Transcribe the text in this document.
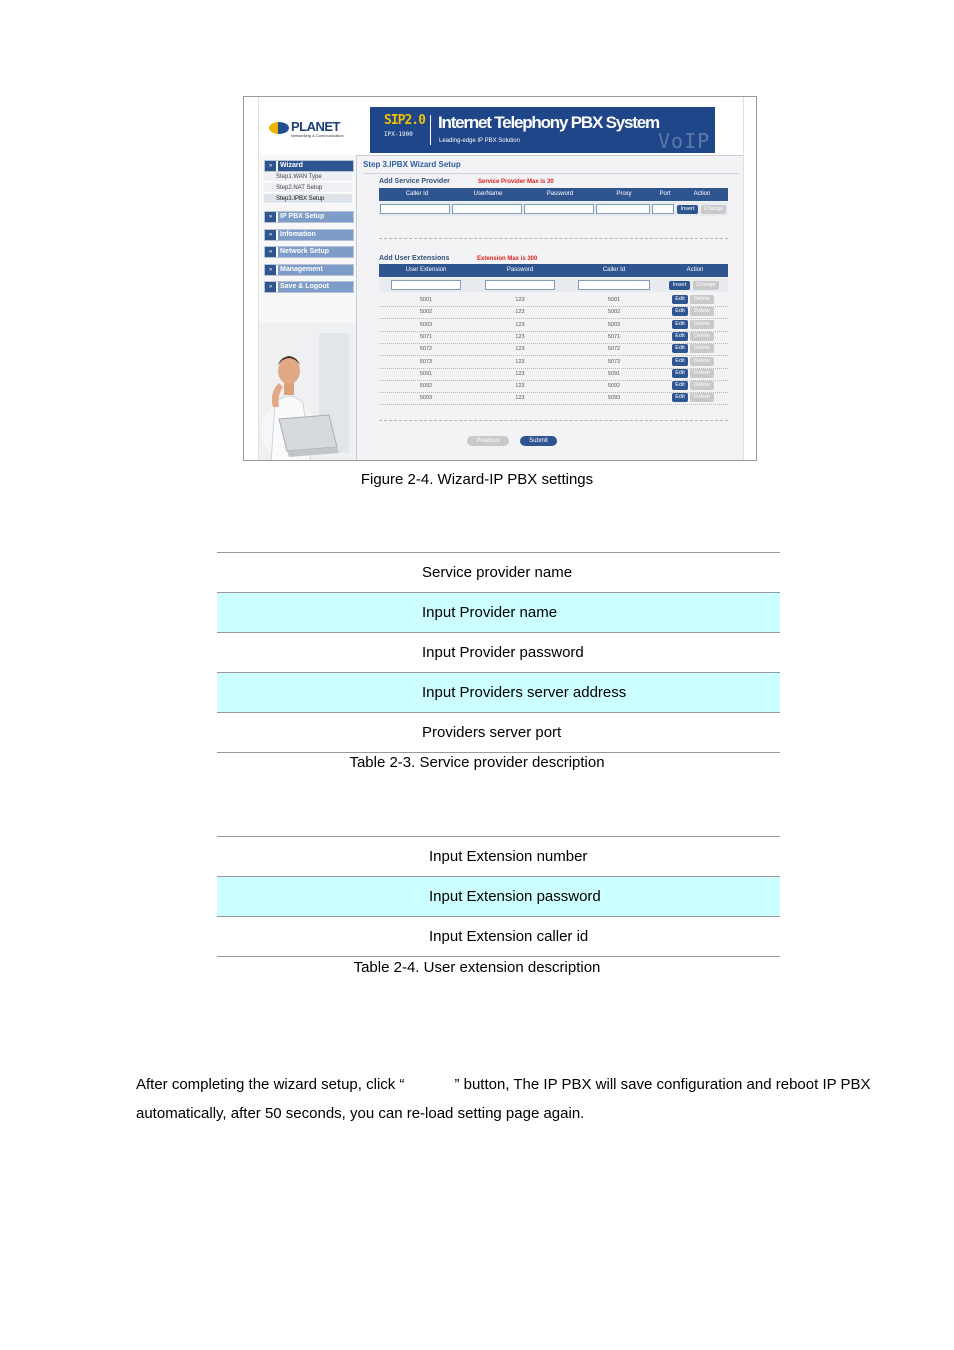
PLANET
Networking & Communication
SIP2.0
IPX-1900
Internet Telephony PBX System
Leading-edge IP PBX Solution	VoIP
»	Wizard
Step1.WAN Type
Step2.NAT Setup
Step3.IPBX Setup
»	IP PBX Setup
»	Infomation
»	Network Setup
»	Management
»	Save & Logout
Step 3.IPBX Wizard Setup
Add Service Provider	Service Provider Max is 30
Caller Id	UserName	Password	Proxy	Port	Action
Insert	Change
Add User Extensions	Extension Max is 300
User Extension	Password	Caller Id	Action
Insert	Change
5001	123	5001	Edit	Delete
5002	123	5002	Edit	Delete
5003	123	5003	Edit	Delete
5071	123	5071	Edit	Delete
5072	123	5072	Edit	Delete
5073	123	5073	Edit	Delete
5091	123	5091	Edit	Delete
5092	123	5092	Edit	Delete
5093	123	5093	Edit	Delete
Previous	Submit
Figure 2-4. Wizard-IP PBX settings
Service provider name
Input Provider name
Input Provider password
Input Providers server address
Providers server port
Table 2-3. Service provider description
Input Extension number
Input Extension password
Input Extension caller id
Table 2-4. User extension description
After completing the wizard setup, click “	” button, The IP PBX will save configuration and reboot IP PBX automatically, after 50 seconds, you can re-load setting page again.
